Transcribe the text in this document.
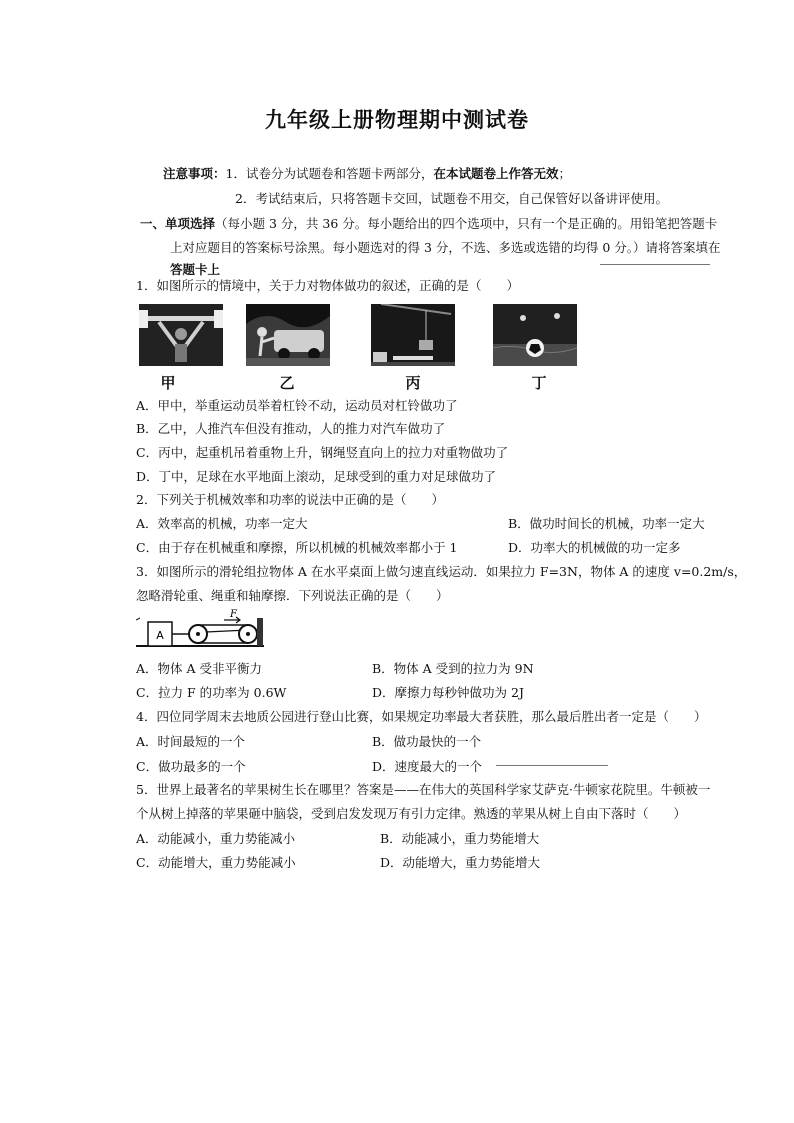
九年级上册物理期中测试卷
注意事项：1．试卷分为试题卷和答题卡两部分，在本试题卷上作答无效；
2．考试结束后，只将答题卡交回，试题卷不用交，自己保管好以备讲评使用。
一、单项选择（每小题 3 分，共 36 分。每小题给出的四个选项中，只有一个是正确的。用铅笔把答题卡
上对应题目的答案标号涂黑。每小题选对的得 3 分，不选、多选或选错的均得 0 分。）请将答案填在
答题卡上
1．如图所示的情境中，关于力对物体做功的叙述，正确的是（　　）
甲	乙	丙	丁
A．甲中，举重运动员举着杠铃不动，运动员对杠铃做功了
B．乙中，人推汽车但没有推动，人的推力对汽车做功了
C．丙中，起重机吊着重物上升，钢绳竖直向上的拉力对重物做功了
D．丁中，足球在水平地面上滚动，足球受到的重力对足球做功了
2．下列关于机械效率和功率的说法中正确的是（　　）
A．效率高的机械，功率一定大	B．做功时间长的机械，功率一定大
C．由于存在机械重和摩擦，所以机械的机械效率都小于 1	D．功率大的机械做的功一定多
3．如图所示的滑轮组拉物体 A 在水平桌面上做匀速直线运动．如果拉力 F=3N，物体 A 的速度 v=0.2m/s，
忽略滑轮重、绳重和轴摩擦．下列说法正确的是（　　）
A
F
A．物体 A 受非平衡力	B．物体 A 受到的拉力为 9N
C．拉力 F 的功率为 0.6W	D．摩擦力每秒钟做功为 2J
4．四位同学周末去地质公园进行登山比赛，如果规定功率最大者获胜，那么最后胜出者一定是（　　）
A．时间最短的一个	B．做功最快的一个
C．做功最多的一个	D．速度最大的一个
5．世界上最著名的苹果树生长在哪里？答案是——在伟大的英国科学家艾萨克·牛顿家花院里。牛顿被一
个从树上掉落的苹果砸中脑袋，受到启发发现万有引力定律。熟透的苹果从树上自由下落时（　　）
A．动能减小，重力势能减小	B．动能减小，重力势能增大
C．动能增大，重力势能减小	D．动能增大，重力势能增大
